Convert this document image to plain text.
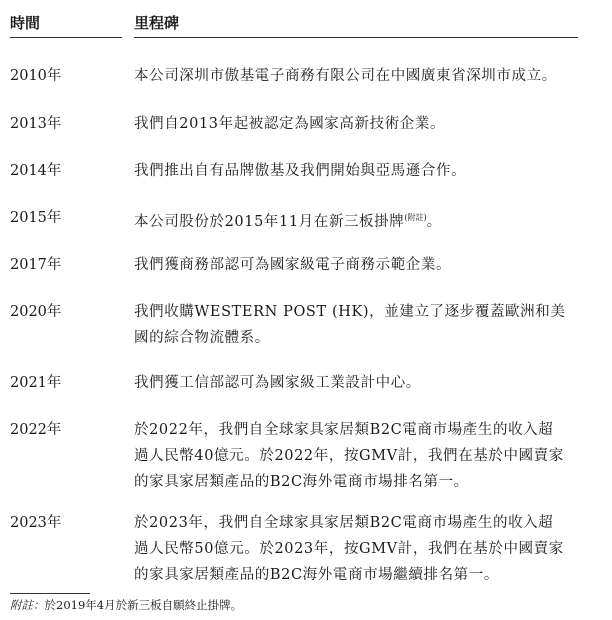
時間	里程碑
2010年	本公司深圳市傲基電子商務有限公司在中國廣東省深圳市成立。
2013年	我們自2013年起被認定為國家高新技術企業。
2014年	我們推出自有品牌傲基及我們開始與亞馬遜合作。
2015年	本公司股份於2015年11月在新三板掛牌$^{(附註)}$。
2017年	我們獲商務部認可為國家級電子商務示範企業。
2020年	我們收購WESTERN POST (HK)，並建立了逐步覆蓋歐洲和美
國的綜合物流體系。
2021年	我們獲工信部認可為國家級工業設計中心。
2022年	於2022年，我們自全球家具家居類B2C電商市場產生的收入超
過人民幣40億元。於2022年，按GMV計，我們在基於中國賣家
的家具家居類產品的B2C海外電商市場排名第一。
2023年	於2023年，我們自全球家具家居類B2C電商市場產生的收入超
過人民幣50億元。於2023年，按GMV計，我們在基於中國賣家
的家具家居類產品的B2C海外電商市場繼續排名第一。
附註：於2019年4月於新三板自願終止掛牌。
